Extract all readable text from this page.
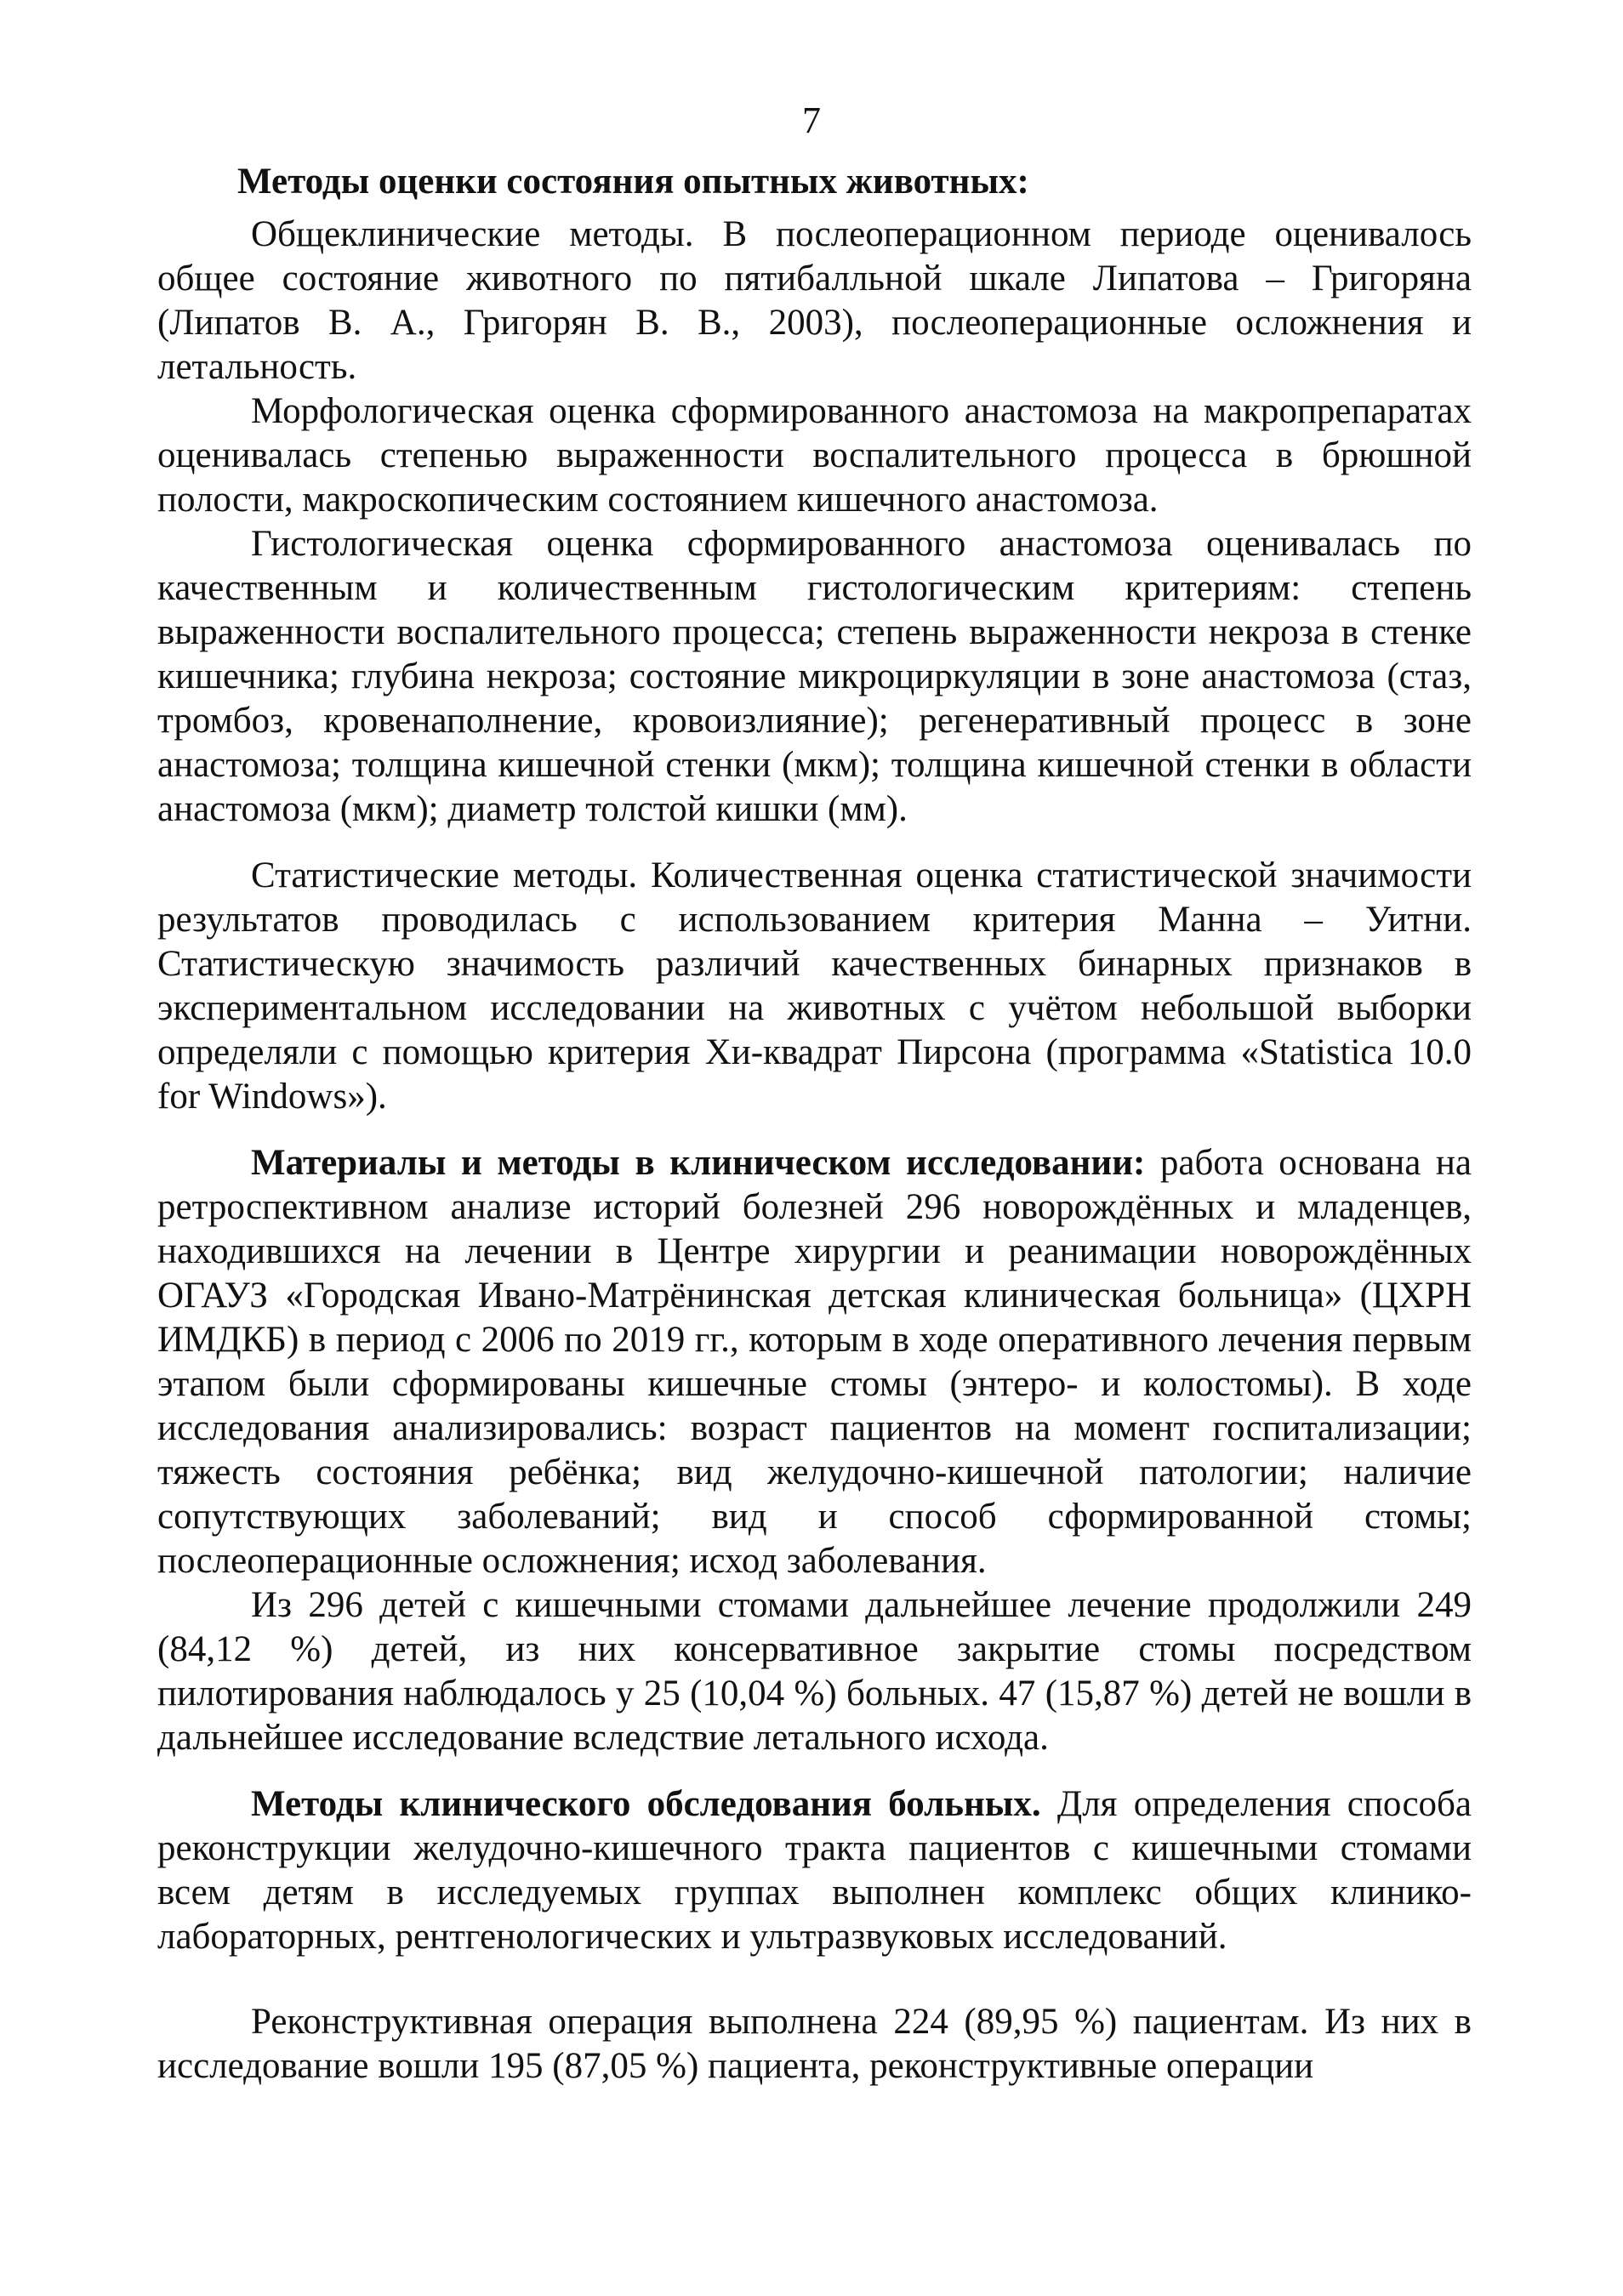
7
Методы оценки состояния опытных животных:

Общеклинические методы. В послеоперационном периоде оценивалось общее состояние животного по пятибалльной шкале Липатова – Григоряна (Липатов В. А., Григорян В. В., 2003), послеоперационные осложнения и летальность.

Морфологическая оценка сформированного анастомоза на макропрепаратах оценивалась степенью выраженности воспалительного процесса в брюшной полости, макроскопическим состоянием кишечного анастомоза.

Гистологическая оценка сформированного анастомоза оценивалась по качественным и количественным гистологическим критериям: степень выраженности воспалительного процесса; степень выраженности некроза в стенке кишечника; глубина некроза; состояние микроциркуляции в зоне анастомоза (стаз, тромбоз, кровенаполнение, кровоизлияние); регенеративный процесс в зоне анастомоза; толщина кишечной стенки (мкм); толщина кишечной стенки в области анастомоза (мкм); диаметр толстой кишки (мм).

Статистические методы. Количественная оценка статистической значимости результатов проводилась с использованием критерия Манна – Уитни. Статистическую значимость различий качественных бинарных признаков в экспериментальном исследовании на животных с учётом небольшой выборки определяли с помощью критерия Хи-квадрат Пирсона (программа «Statistica 10.0 for Windows»).

Материалы и методы в клиническом исследовании: работа основана на ретроспективном анализе историй болезней 296 новорождённых и младенцев, находившихся на лечении в Центре хирургии и реанимации новорождённых ОГАУЗ «Городская Ивано-Матрёнинская детская клиническая больница» (ЦХРН ИМДКБ) в период с 2006 по 2019 гг., которым в ходе оперативного лечения первым этапом были сформированы кишечные стомы (энтеро- и колостомы). В ходе исследования анализировались: возраст пациентов на момент госпитализации; тяжесть состояния ребёнка; вид желудочно-кишечной патологии; наличие сопутствующих заболеваний; вид и способ сформированной стомы; послеоперационные осложнения; исход заболевания.

Из 296 детей с кишечными стомами дальнейшее лечение продолжили 249 (84,12 %) детей, из них консервативное закрытие стомы посредством пилотирования наблюдалось у 25 (10,04 %) больных. 47 (15,87 %) детей не вошли в дальнейшее исследование вследствие летального исхода.

Методы клинического обследования больных. Для определения способа реконструкции желудочно-кишечного тракта пациентов с кишечными стомами всем детям в исследуемых группах выполнен комплекс общих клинико-лабораторных, рентгенологических и ультразвуковых исследований.

Реконструктивная операция выполнена 224 (89,95 %) пациентам. Из них в исследование вошли 195 (87,05 %) пациента, реконструктивные операции
